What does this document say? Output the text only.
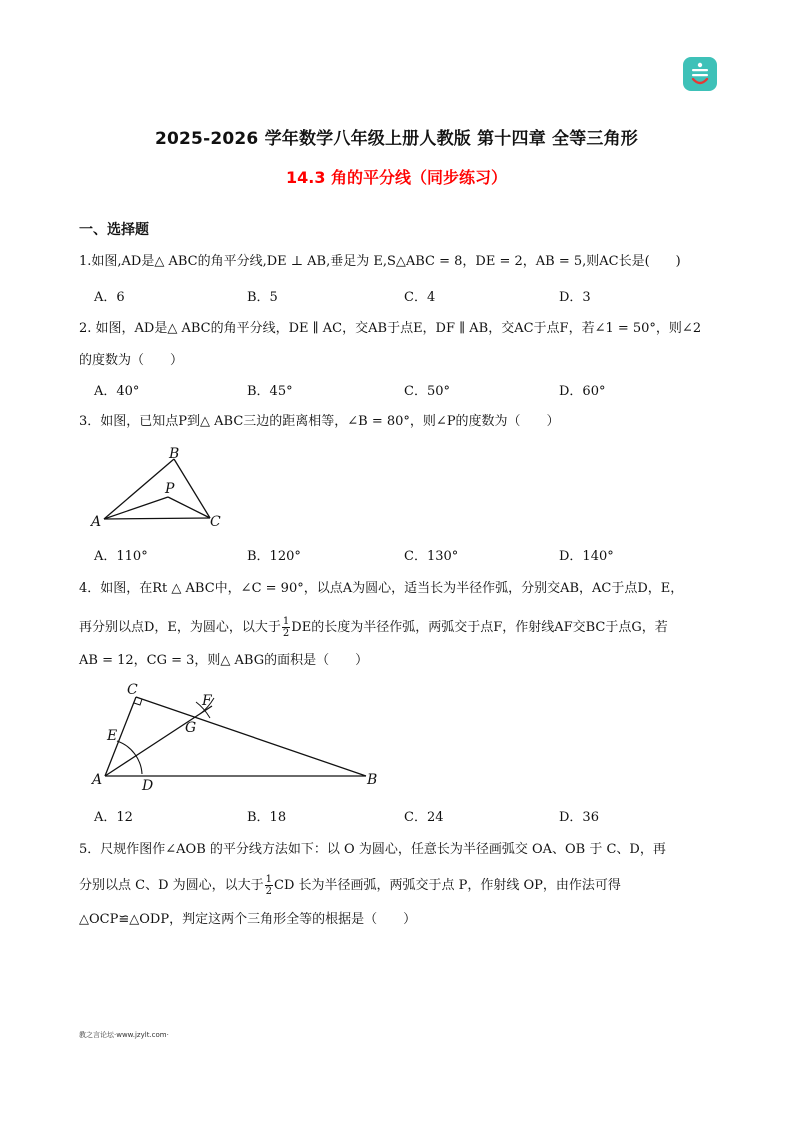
2025-2026 学年数学八年级上册人教版 第十四章 全等三角形
14.3 角的平分线（同步练习）
一、选择题
1.如图,AD是△ ABC的角平分线,DE ⊥ AB,垂足为 E,S△ABC = 8，DE = 2，AB = 5,则AC长是(　　)
A．6	B．5	C．4	D．3
2. 如图，AD是△ ABC的角平分线，DE ∥ AC，交AB于点E，DF ∥ AB，交AC于点F，若∠1 = 50°，则∠2
的度数为（　　）
A．40°	B．45°	C．50°	D．60°
3．如图，已知点P到△ ABC三边的距离相等，∠B = 80°，则∠P的度数为（　　）
A
B
C
P
A．110°	B．120°	C．130°	D．140°
4．如图，在Rt △ ABC中，∠C = 90°，以点A为圆心，适当长为半径作弧，分别交AB，AC于点D，E，
再分别以点D，E，为圆心，以大于 $\frac{1}{2}$ DE的长度为半径作弧，两弧交于点F，作射线AF交BC于点G，若
AB = 12，CG = 3，则△ ABG的面积是（　　）
A	B
C
D
E
F
G
A．12	B．18	C．24	D．36
5．尺规作图作∠AOB 的平分线方法如下：以 O 为圆心，任意长为半径画弧交 OA、OB 于 C、D，再
分别以点 C、D 为圆心，以大于 $\frac{1}{2}$ CD 长为半径画弧，两弧交于点 P，作射线 OP，由作法可得
△OCP≌△ODP，判定这两个三角形全等的根据是（　　）
教之言论坛·www.jzylt.com·
